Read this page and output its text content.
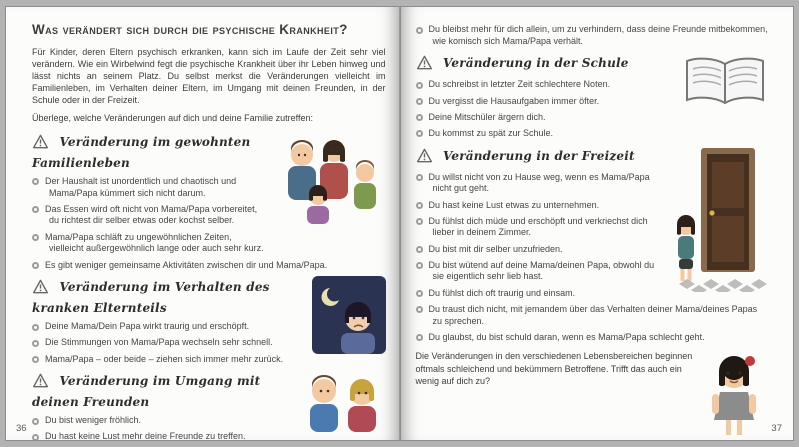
Was verändert sich durch die psychische Krankheit?

Für Kinder, deren Eltern psychisch erkranken, kann sich im Laufe der Zeit sehr viel verändern. Wie ein Wirbelwind fegt die psychische Krankheit über ihr Leben hinweg und lässt nichts an seinem Platz. Du selbst merkst die Veränderungen vielleicht im Familienleben, im Verhalten deiner Eltern, im Umgang mit deinen Freunden, in der Schule oder in der Freizeit.

Überlege, welche Veränderungen auf dich und deine Familie zutreffen:

Veränderung im gewohnten Familienleben
Der Haushalt ist unordentlich und chaotisch und Mama/Papa kümmert sich nicht darum.
Das Essen wird oft nicht von Mama/Papa vorbereitet, du richtest dir selber etwas oder kochst selber.
Mama/Papa schläft zu ungewöhnlichen Zeiten, vielleicht außergewöhnlich lange oder auch sehr kurz.
Es gibt weniger gemeinsame Aktivitäten zwischen dir und Mama/Papa.
Veränderung im Verhalten des kranken Elternteils
Deine Mama/Dein Papa wirkt traurig und erschöpft.
Die Stimmungen von Mama/Papa wechseln sehr schnell.
Mama/Papa – oder beide – ziehen sich immer mehr zurück.
Veränderung im Umgang mit deinen Freunden
Du bist weniger fröhlich.
Du hast keine Lust mehr deine Freunde zu treffen.
36
Du bleibst mehr für dich allein, um zu verhindern, dass deine Freunde mitbekommen, wie komisch sich Mama/Papa verhält.
Veränderung in der Schule
Du schreibst in letzter Zeit schlechtere Noten.
Du vergisst die Hausaufgaben immer öfter.
Deine Mitschüler ärgern dich.
Du kommst zu spät zur Schule.
Veränderung in der Freizeit
Du willst nicht von zu Hause weg, wenn es Mama/Papa nicht gut geht.
Du hast keine Lust etwas zu unternehmen.
Du fühlst dich müde und erschöpft und verkriechst dich lieber in deinem Zimmer.
Du bist mit dir selber unzufrieden.
Du bist wütend auf deine Mama/deinen Papa, obwohl du sie eigentlich sehr lieb hast.
Du fühlst dich oft traurig und einsam.
Du traust dich nicht, mit jemandem über das Verhalten deiner Mama/deines Papas zu sprechen.
Du glaubst, du bist schuld daran, wenn es Mama/Papa schlecht geht.

Die Veränderungen in den verschiedenen Lebensbereichen beginnen oftmals schleichend und bekümmern Betroffene. Trifft das auch ein wenig auf dich zu?

37
